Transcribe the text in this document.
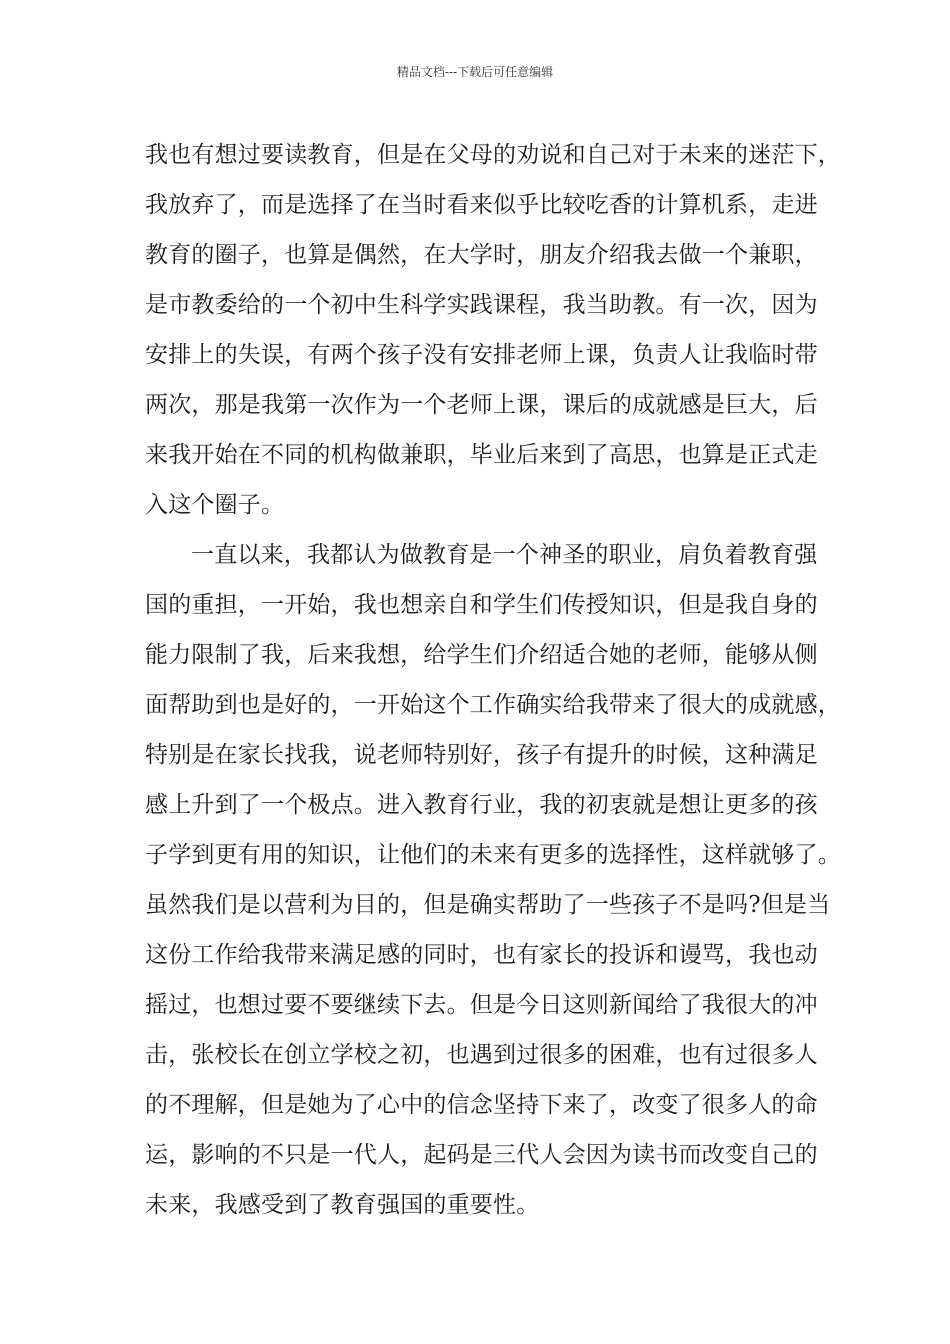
精品文档---下载后可任意编辑
我也有想过要读教育，但是在父母的劝说和自己对于未来的迷茫下，
我放弃了，而是选择了在当时看来似乎比较吃香的计算机系，走进
教育的圈子，也算是偶然，在大学时，朋友介绍我去做一个兼职，
是市教委给的一个初中生科学实践课程，我当助教。有一次，因为
安排上的失误，有两个孩子没有安排老师上课，负责人让我临时带
两次，那是我第一次作为一个老师上课，课后的成就感是巨大，后
来我开始在不同的机构做兼职，毕业后来到了高思，也算是正式走
入这个圈子。
一直以来，我都认为做教育是一个神圣的职业，肩负着教育强
国的重担，一开始，我也想亲自和学生们传授知识，但是我自身的
能力限制了我，后来我想，给学生们介绍适合她的老师，能够从侧
面帮助到也是好的，一开始这个工作确实给我带来了很大的成就感，
特别是在家长找我，说老师特别好，孩子有提升的时候，这种满足
感上升到了一个极点。进入教育行业，我的初衷就是想让更多的孩
子学到更有用的知识，让他们的未来有更多的选择性，这样就够了。
虽然我们是以营利为目的，但是确实帮助了一些孩子不是吗?但是当
这份工作给我带来满足感的同时，也有家长的投诉和谩骂，我也动
摇过，也想过要不要继续下去。但是今日这则新闻给了我很大的冲
击，张校长在创立学校之初，也遇到过很多的困难，也有过很多人
的不理解，但是她为了心中的信念坚持下来了，改变了很多人的命
运，影响的不只是一代人，起码是三代人会因为读书而改变自己的
未来，我感受到了教育强国的重要性。
